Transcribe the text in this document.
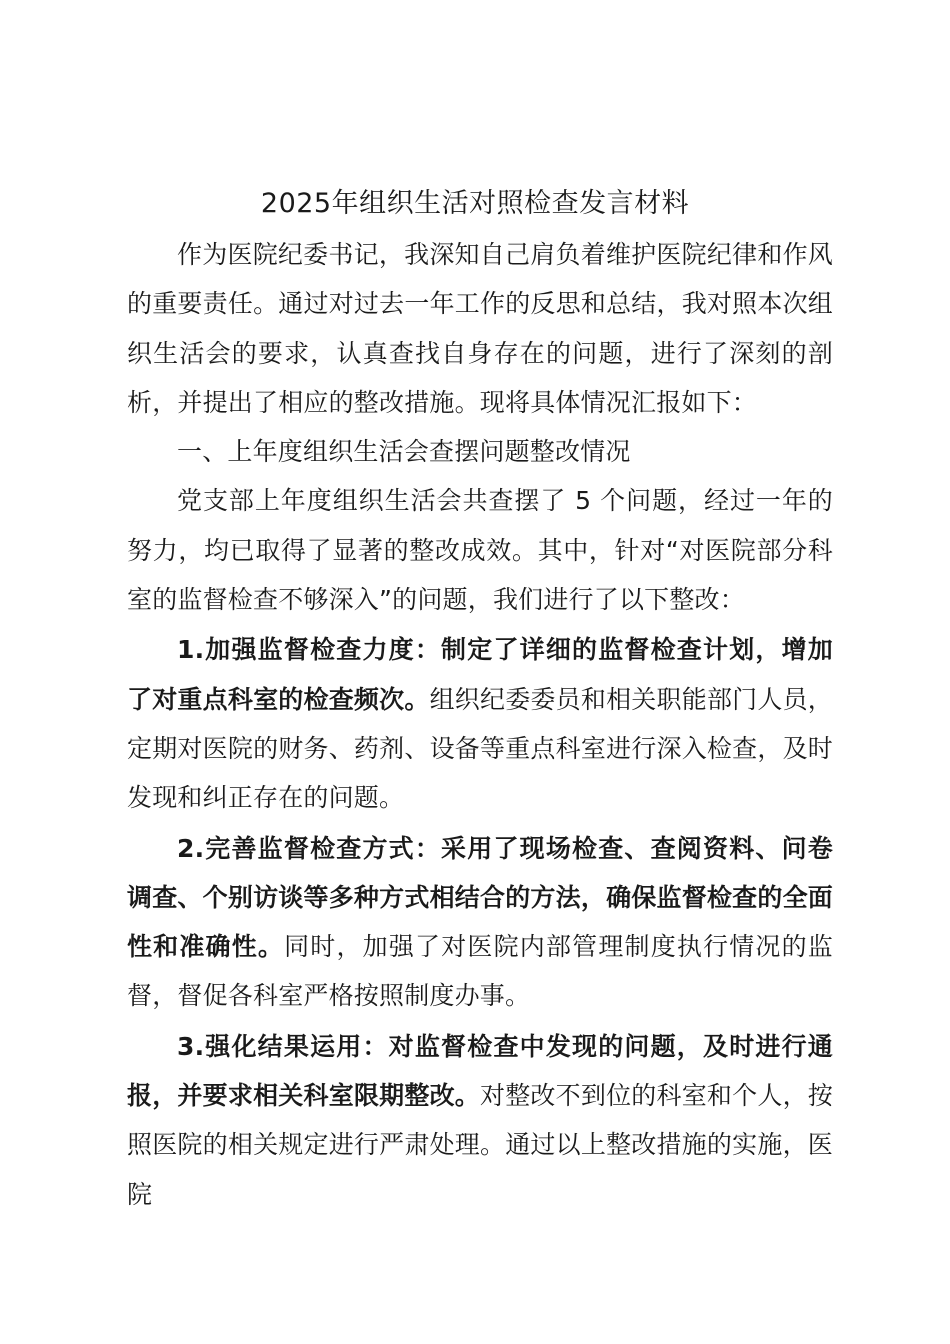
2025年组织生活对照检查发言材料

作为医院纪委书记，我深知自己肩负着维护医院纪律和作风的重要责任。通过对过去一年工作的反思和总结，我对照本次组织生活会的要求，认真查找自身存在的问题，进行了深刻的剖析，并提出了相应的整改措施。现将具体情况汇报如下：

一、上年度组织生活会查摆问题整改情况

党支部上年度组织生活会共查摆了 5 个问题，经过一年的努力，均已取得了显著的整改成效。其中，针对“对医院部分科室的监督检查不够深入”的问题，我们进行了以下整改：

1.加强监督检查力度：制定了详细的监督检查计划，增加了对重点科室的检查频次。组织纪委委员和相关职能部门人员，定期对医院的财务、药剂、设备等重点科室进行深入检查，及时发现和纠正存在的问题。

2.完善监督检查方式：采用了现场检查、查阅资料、问卷调查、个别访谈等多种方式相结合的方法，确保监督检查的全面性和准确性。同时，加强了对医院内部管理制度执行情况的监督，督促各科室严格按照制度办事。

3.强化结果运用：对监督检查中发现的问题，及时进行通报，并要求相关科室限期整改。对整改不到位的科室和个人，按照医院的相关规定进行严肃处理。通过以上整改措施的实施，医院
